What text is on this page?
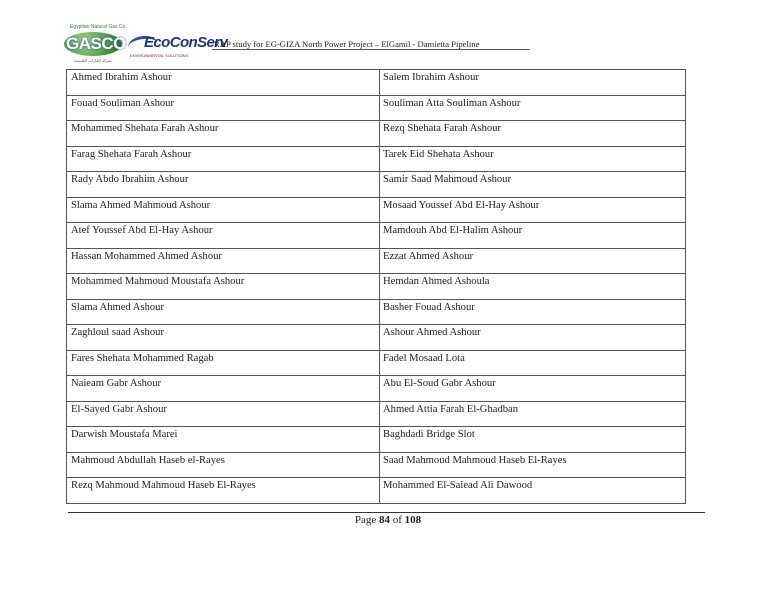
Egyptian Natural Gas Co.
GASCO
شركة الغازات الطبيعية
EcoConServ
ENVIRONMENTAL SOLUTIONS
RAP study for EG-GIZA North Power Project – ElGamil - Damietta Pipeline
Ahmed Ibrahim Ashour	Salem Ibrahim Ashour
Fouad Souliman Ashour	Souliman Atta Souliman Ashour
Mohammed Shehata Farah Ashour	Rezq Shehata Farah Ashour
Farag Shehata Farah Ashour	Tarek Eid Shehata Ashour
Rady Abdo Ibrahim Ashour	Samir Saad Mahmoud Ashour
Slama Ahmed Mahmoud Ashour	Mosaad Youssef Abd El-Hay Ashour
Atef Youssef Abd El-Hay Ashour	Mamdouh Abd El-Halim Ashour
Hassan Mohammed Ahmed Ashour	Ezzat Ahmed Ashour
Mohammed Mahmoud Moustafa Ashour	Hemdan Ahmed Ashoula
Slama Ahmed Ashour	Basher Fouad Ashour
Zaghloul saad Ashour	Ashour Ahmed Ashour
Fares Shehata Mohammed Ragab	Fadel Mosaad Lota
Naieam Gabr Ashour	Abu El-Soud Gabr Ashour
El-Sayed Gabr Ashour	Ahmed Attia Farah El-Ghadban
Darwish Moustafa Marei	Baghdadi Bridge Slot
Mahmoud Abdullah Haseb el-Rayes	Saad Mahmoud Mahmoud Haseb El-Rayes
Rezq Mahmoud Mahmoud Haseb El-Rayes	Mohammed El-Saiead Ali Dawood
Page 84 of 108
